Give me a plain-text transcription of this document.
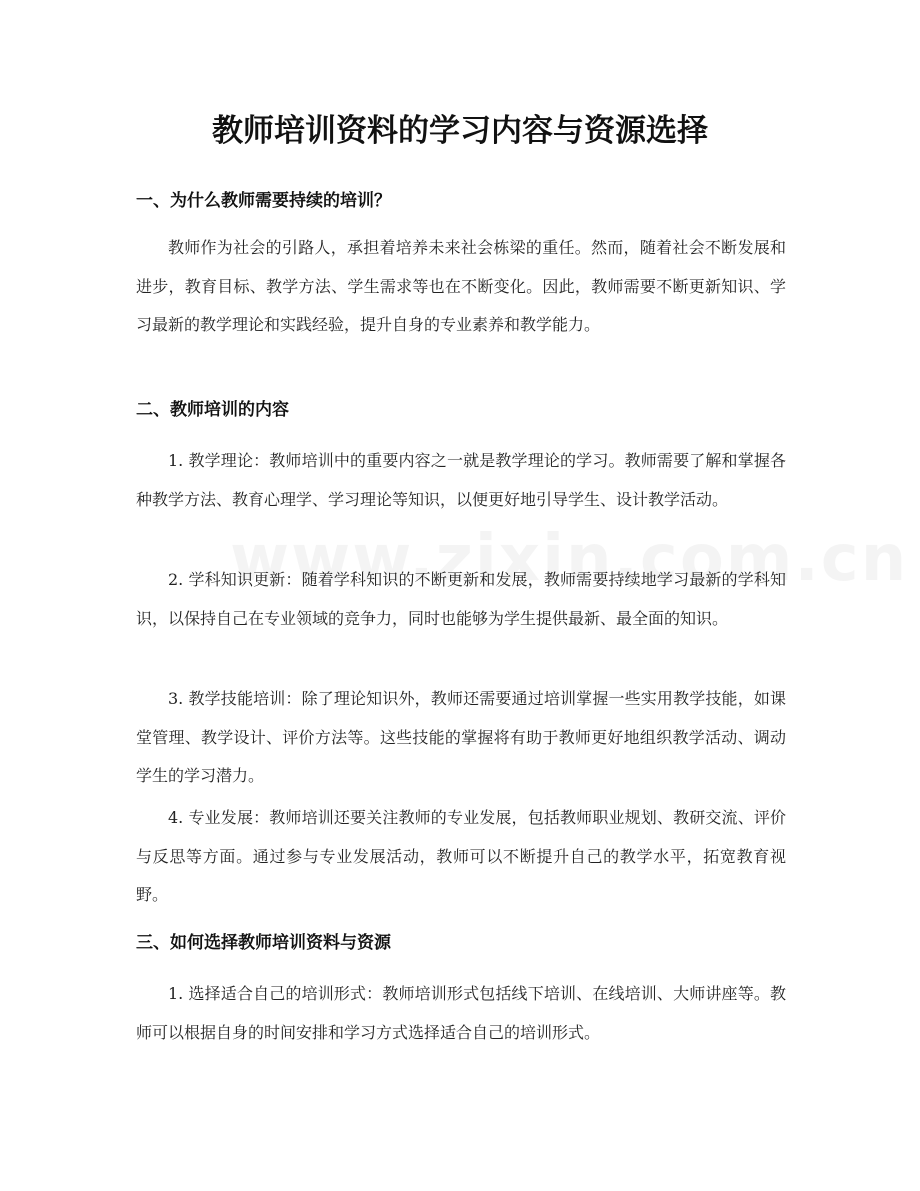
教师培训资料的学习内容与资源选择
一、为什么教师需要持续的培训？

教师作为社会的引路人，承担着培养未来社会栋梁的重任。然而，随着社会不断发展和进步，教育目标、教学方法、学生需求等也在不断变化。因此，教师需要不断更新知识、学习最新的教学理论和实践经验，提升自身的专业素养和教学能力。

二、教师培训的内容

1. 教学理论：教师培训中的重要内容之一就是教学理论的学习。教师需要了解和掌握各种教学方法、教育心理学、学习理论等知识，以便更好地引导学生、设计教学活动。

2. 学科知识更新：随着学科知识的不断更新和发展，教师需要持续地学习最新的学科知识，以保持自己在专业领域的竞争力，同时也能够为学生提供最新、最全面的知识。

3. 教学技能培训：除了理论知识外，教师还需要通过培训掌握一些实用教学技能，如课堂管理、教学设计、评价方法等。这些技能的掌握将有助于教师更好地组织教学活动、调动学生的学习潜力。

4. 专业发展：教师培训还要关注教师的专业发展，包括教师职业规划、教研交流、评价与反思等方面。通过参与专业发展活动，教师可以不断提升自己的教学水平，拓宽教育视野。

三、如何选择教师培训资料与资源

1. 选择适合自己的培训形式：教师培训形式包括线下培训、在线培训、大师讲座等。教师可以根据自身的时间安排和学习方式选择适合自己的培训形式。
